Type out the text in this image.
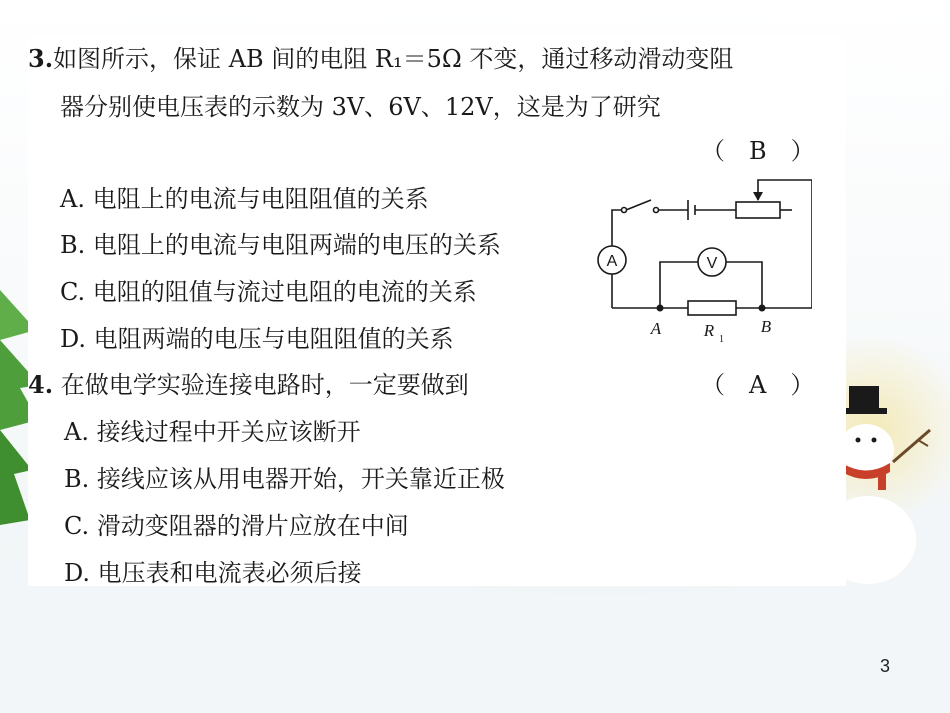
3.如图所示，保证 AB 间的电阻 R₁＝5Ω 不变，通过移动滑动变阻
器分别使电压表的示数为 3V、6V、12V，这是为了研究
（　B　）
A. 电阻上的电流与电阻阻值的关系
B. 电阻上的电流与电阻两端的电压的关系
C. 电阻的阻值与流过电阻的电流的关系
D. 电阻两端的电压与电阻阻值的关系
A	V
A	B
R 1
4. 在做电学实验连接电路时，一定要做到	（　A　）
A. 接线过程中开关应该断开
B. 接线应该从用电器开始，开关靠近正极
C. 滑动变阻器的滑片应放在中间
D. 电压表和电流表必须后接
3
